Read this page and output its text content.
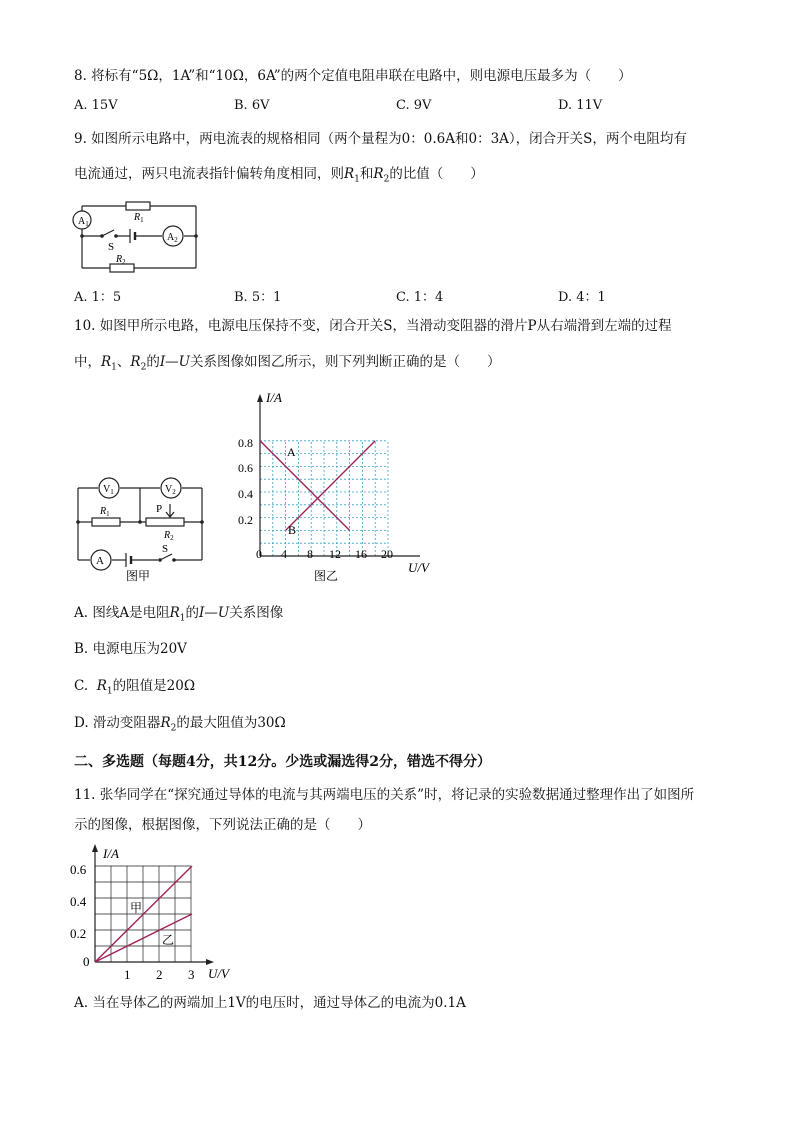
8. 将标有“5Ω，1A”和“10Ω，6A”的两个定值电阻串联在电路中，则电源电压最多为（　　）
A. 15V	B. 6V	C. 9V	D. 11V
9. 如图所示电路中，两电流表的规格相同（两个量程为0：0.6A和0：3A），闭合开关S，两个电阻均有
电流通过，两只电流表指针偏转角度相同，则$R_1$和$R_2$的比值（　　）
$A_1$
$A_2$
$R_1$
$R_2$
S
A. 1：5	B. 5：1	C. 1：4	D. 4：1
10. 如图甲所示电路，电源电压保持不变，闭合开关S，当滑动变阻器的滑片P从右端滑到左端的过程
中，$R_1$、$R_2$的I—U关系图像如图乙所示，则下列判断正确的是（　　）
$V_1$	$V_2$
A
$R_1$	P
$R_2$
S
图甲
I/A
U/V
0.8
0.6
0.4
0.2
0 4 8 12 16 20
A
B
图乙
A. 图线A是电阻$R_1$的I—U关系图像
B. 电源电压为20V
C. $R_1$的阻值是20Ω
D. 滑动变阻器$R_2$的最大阻值为30Ω
二、多选题（每题4分，共12分。少选或漏选得2分，错选不得分）
11. 张华同学在“探究通过导体的电流与其两端电压的关系”时，将记录的实验数据通过整理作出了如图所
示的图像，根据图像，下列说法正确的是（　　）
I/A
U/V
0.6
0.4
0.2
0
1 2 3
甲
乙
A. 当在导体乙的两端加上1V的电压时，通过导体乙的电流为0.1A
